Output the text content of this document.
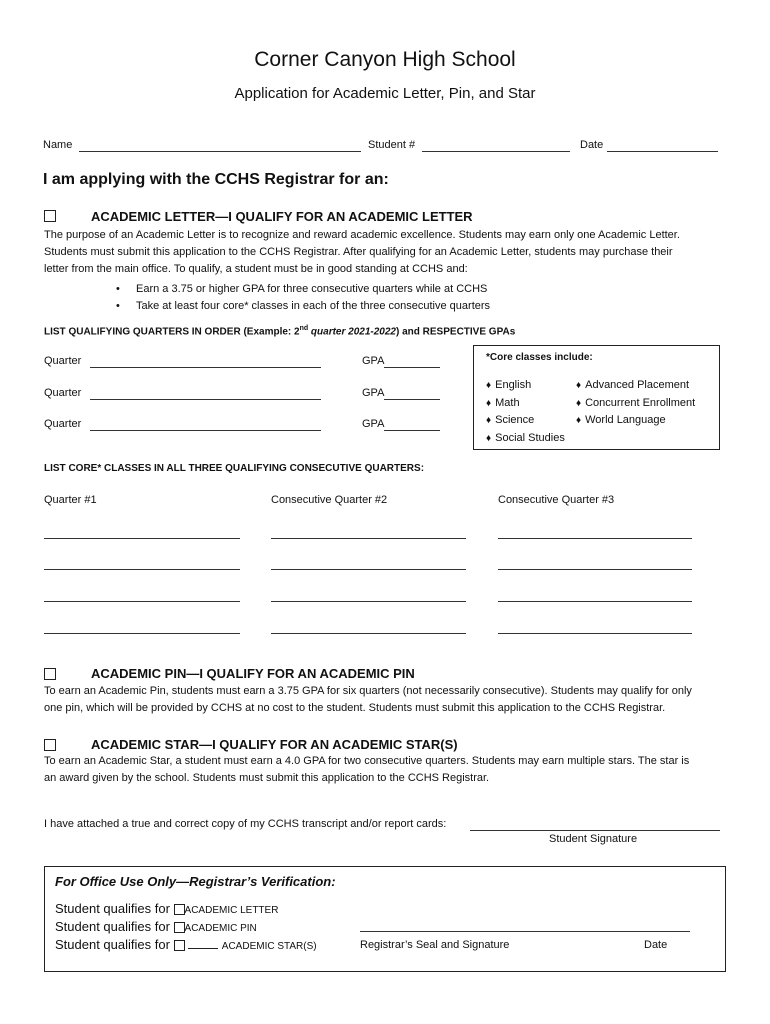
Corner Canyon High School
Application for Academic Letter, Pin, and Star
Name	Student #	Date
I am applying with the CCHS Registrar for an:
ACADEMIC LETTER—I QUALIFY FOR AN ACADEMIC LETTER
The purpose of an Academic Letter is to recognize and reward academic excellence. Students may earn only one Academic Letter.
Students must submit this application to the CCHS Registrar. After qualifying for an Academic Letter, students may purchase their
letter from the main office. To qualify, a student must be in good standing at CCHS and:
• Earn a 3.75 or higher GPA for three consecutive quarters while at CCHS
• Take at least four core* classes in each of the three consecutive quarters
LIST QUALIFYING QUARTERS IN ORDER (Example: 2nd quarter 2021-2022) and RESPECTIVE GPAs
Quarter	GPA
Quarter	GPA
Quarter	GPA
*Core classes include:
♦ English
♦ Math
♦ Science
♦ Social Studies
♦ Advanced Placement
♦ Concurrent Enrollment
♦ World Language
LIST CORE* CLASSES IN ALL THREE QUALIFYING CONSECUTIVE QUARTERS:
Quarter #1	Consecutive Quarter #2	Consecutive Quarter #3
ACADEMIC PIN—I QUALIFY FOR AN ACADEMIC PIN
To earn an Academic Pin, students must earn a 3.75 GPA for six quarters (not necessarily consecutive). Students may qualify for only
one pin, which will be provided by CCHS at no cost to the student. Students must submit this application to the CCHS Registrar.
ACADEMIC STAR—I QUALIFY FOR AN ACADEMIC STAR(S)
To earn an Academic Star, a student must earn a 4.0 GPA for two consecutive quarters. Students may earn multiple stars. The star is
an award given by the school. Students must submit this application to the CCHS Registrar.
I have attached a true and correct copy of my CCHS transcript and/or report cards:
Student Signature
For Office Use Only—Registrar’s Verification:
Student qualifies for ACADEMIC LETTER
Student qualifies for ACADEMIC PIN
Student qualifies for	ACADEMIC STAR(S)	Registrar’s Seal and Signature	Date
